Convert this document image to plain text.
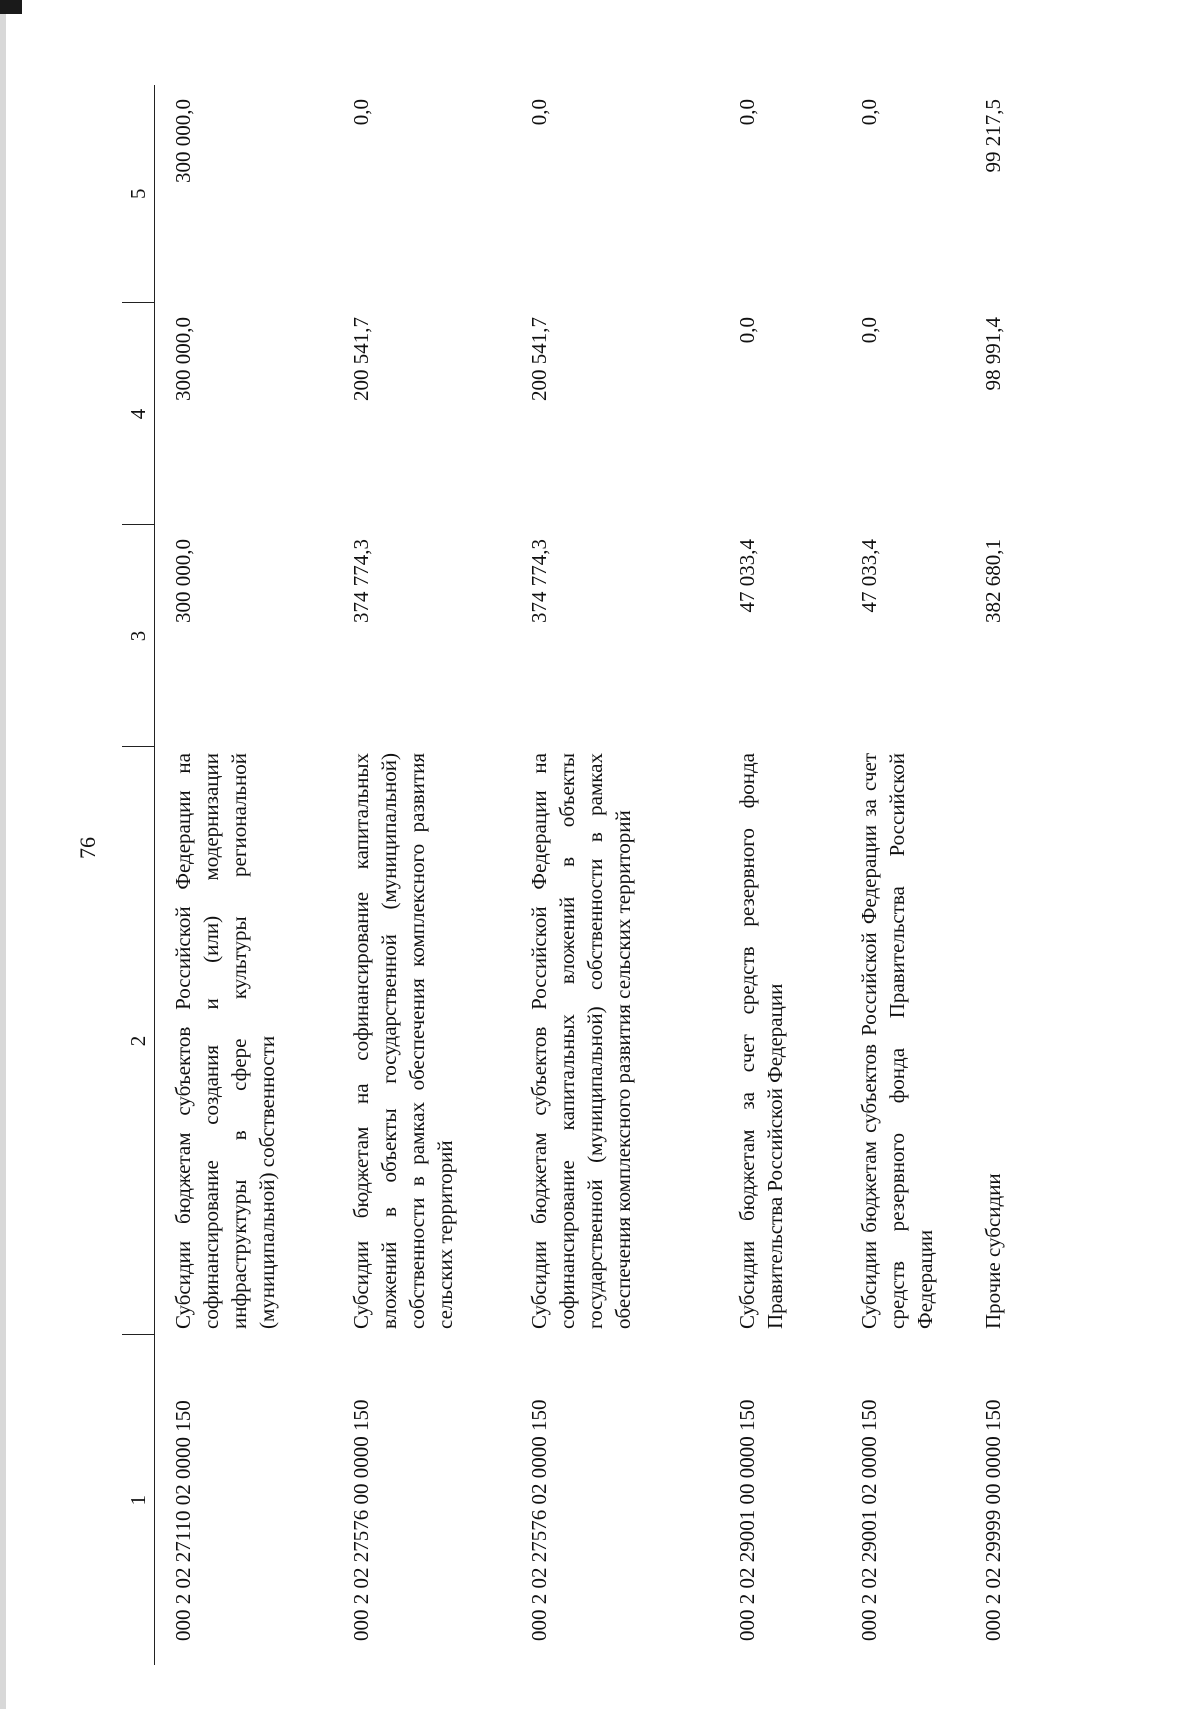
76
1	2	3	4	5
000 2 02 27110 02 0000 150	Субсидии бюджетам субъектов Российской Федерации на софинансирование создания и (или) модернизации инфраструктуры в сфере культуры региональной (муниципальной) собственности	300 000,0	300 000,0	300 000,0
000 2 02 27576 00 0000 150	Субсидии бюджетам на софинансирование капитальных вложений в объекты государственной (муниципальной) собственности в рамках обеспечения комплексного развития сельских территорий	374 774,3	200 541,7	0,0
000 2 02 27576 02 0000 150	Субсидии бюджетам субъектов Российской Федерации на софинансирование капитальных вложений в объекты государственной (муниципальной) собственности в рамках обеспечения комплексного развития сельских территорий	374 774,3	200 541,7	0,0
000 2 02 29001 00 0000 150	Субсидии бюджетам за счет средств резервного фонда Правительства Российской Федерации	47 033,4	0,0	0,0
000 2 02 29001 02 0000 150	Субсидии бюджетам субъектов Российской Федерации за счет средств резервного фонда Правительства Российской Федерации	47 033,4	0,0	0,0
000 2 02 29999 00 0000 150	Прочие субсидии	382 680,1	98 991,4	99 217,5
